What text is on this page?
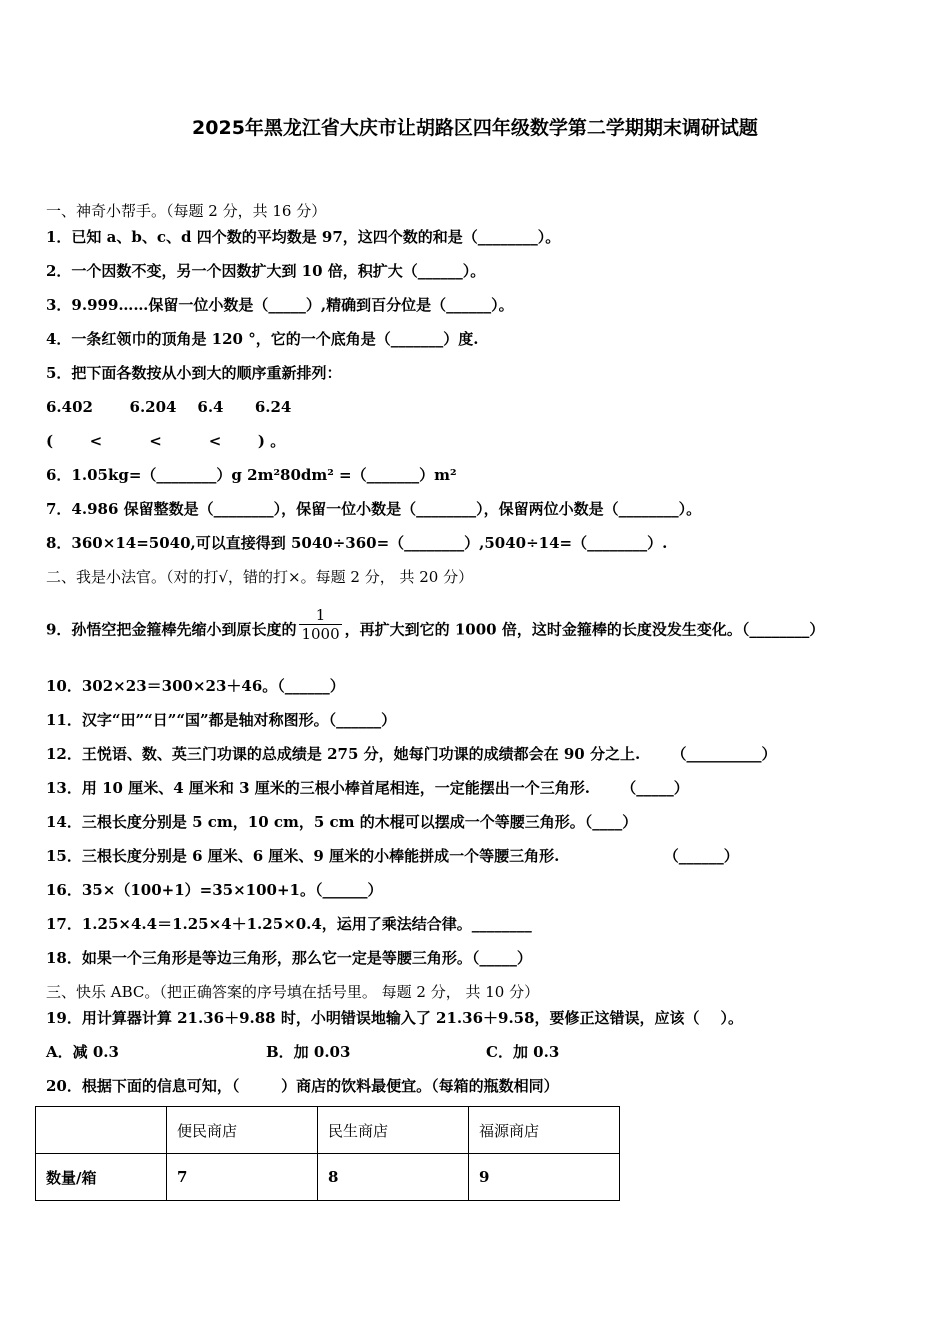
2025年黑龙江省大庆市让胡路区四年级数学第二学期期末调研试题
一、神奇小帮手。（每题 2 分，共 16 分）
1．已知 a、b、c、d 四个数的平均数是 97，这四个数的和是（________）。
2．一个因数不变，另一个因数扩大到 10 倍，积扩大（______）。
3．9.999……保留一位小数是（_____）,精确到百分位是（______）。
4．一条红领巾的顶角是 120 °，它的一个底角是（_______）度.
5．把下面各数按从小到大的顺序重新排列：
6.402       6.204    6.4      6.24
(       <         <         <       ) 。
6．1.05kg=（________）g 2m²80dm² =（_______）m²
7．4.986 保留整数是（________），保留一位小数是（________），保留两位小数是（________）。
8．360×14=5040,可以直接得到 5040÷360=（________）,5040÷14=（________）.
二、我是小法官。（对的打√，错的打×。每题 2 分， 共 20 分）
9．孙悟空把金箍棒先缩小到原长度的 $\frac{1}{1000}$ ，再扩大到它的 1000 倍，这时金箍棒的长度没发生变化。（________）
10．302×23＝300×23＋46。（______）
11．汉字“田”“日”“国”都是轴对称图形。（______）
12．王悦语、数、英三门功课的总成绩是 275 分，她每门功课的成绩都会在 90 分之上.      （__________）
13．用 10 厘米、4 厘米和 3 厘米的三根小棒首尾相连，一定能摆出一个三角形.      （_____）
14．三根长度分别是 5 cm，10 cm，5 cm 的木棍可以摆成一个等腰三角形。（____）
15．三根长度分别是 6 厘米、6 厘米、9 厘米的小棒能拼成一个等腰三角形.                    （______）
16．35×（100+1）=35×100+1。（______）
17．1.25×4.4＝1.25×4＋1.25×0.4，运用了乘法结合律。________
18．如果一个三角形是等边三角形，那么它一定是等腰三角形。（_____）
三、快乐 ABC。（把正确答案的序号填在括号里。 每题 2 分， 共 10 分）
19．用计算器计算 21.36＋9.88 时，小明错误地输入了 21.36＋9.58，要修正这错误，应该（    ）。
A．减 0.3	B．加 0.03	C．加 0.3
20．根据下面的信息可知，（        ）商店的饮料最便宜。（每箱的瓶数相同）
	便民商店	民生商店	福源商店
数量/箱	7	8	9
